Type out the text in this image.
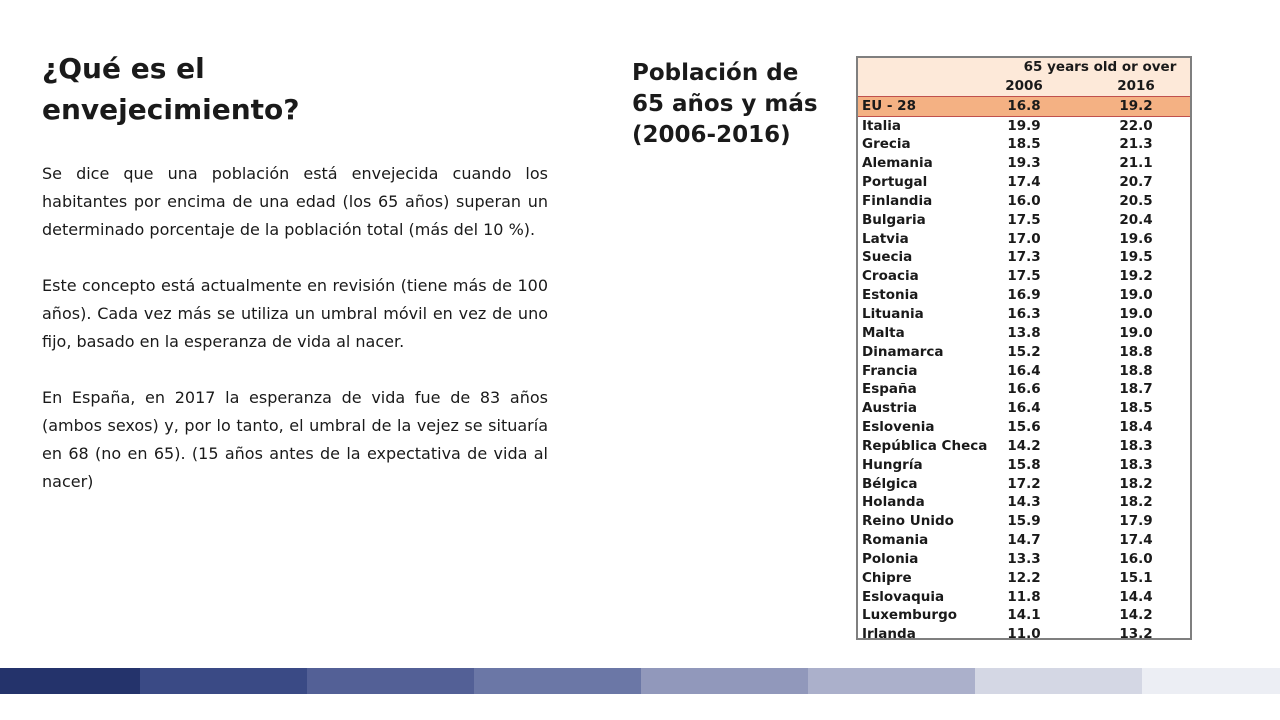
¿Qué es el envejecimiento?

Se dice que una población está envejecida cuando los habitantes por encima de una edad (los 65 años) superan un determinado porcentaje de la población total (más del 10 %).

Este concepto está actualmente en revisión (tiene más de 100 años). Cada vez más se utiliza un umbral móvil en vez de uno fijo, basado en la esperanza de vida al nacer.

En España, en 2017 la esperanza de vida fue de 83 años (ambos sexos) y, por lo tanto, el umbral de la vejez se situaría en 68 (no en 65). (15 años antes de la expectativa de vida al nacer)

Población de 65 años y más (2006-2016)
	65 years old or over	
	2006	2016
EU - 28	16.8	19.2
Italia	19.9	22.0
Grecia	18.5	21.3
Alemania	19.3	21.1
Portugal	17.4	20.7
Finlandia	16.0	20.5
Bulgaria	17.5	20.4
Latvia	17.0	19.6
Suecia	17.3	19.5
Croacia	17.5	19.2
Estonia	16.9	19.0
Lituania	16.3	19.0
Malta	13.8	19.0
Dinamarca	15.2	18.8
Francia	16.4	18.8
España	16.6	18.7
Austria	16.4	18.5
Eslovenia	15.6	18.4
República Checa	14.2	18.3
Hungría	15.8	18.3
Bélgica	17.2	18.2
Holanda	14.3	18.2
Reino Unido	15.9	17.9
Romania	14.7	17.4
Polonia	13.3	16.0
Chipre	12.2	15.1
Eslovaquia	11.8	14.4
Luxemburgo	14.1	14.2
Irlanda	11.0	13.2
